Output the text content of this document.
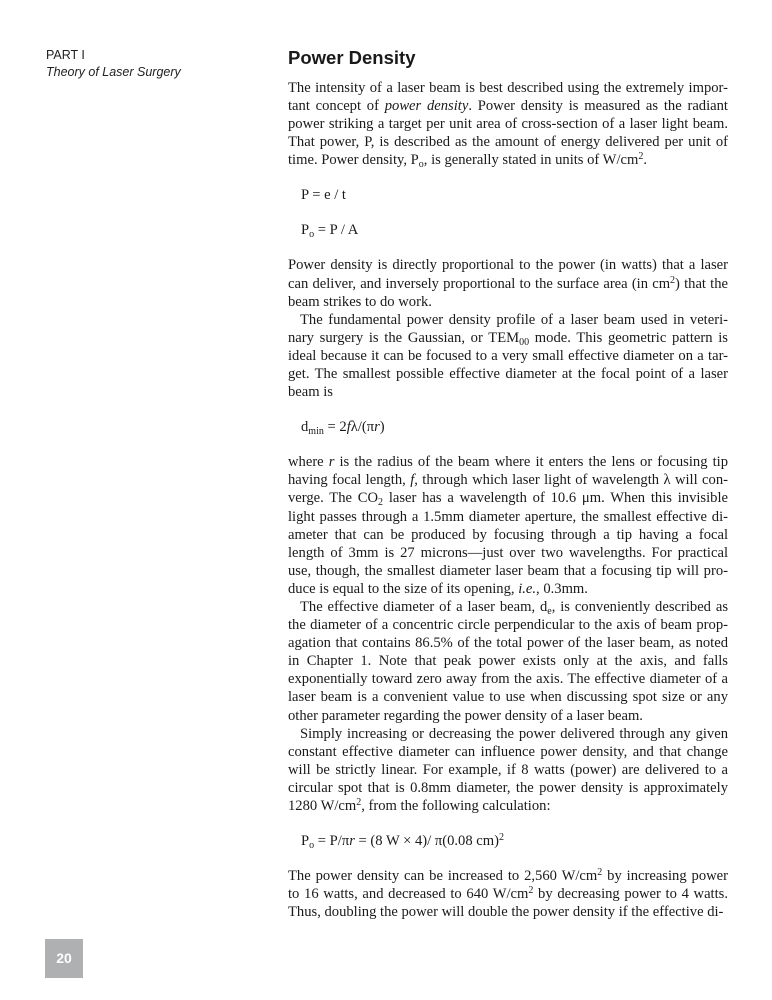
PART I
Theory of Laser Surgery
Power Density

The intensity of a laser beam is best described using the extremely impor-tant concept of power density. Power density is measured as the radiant power striking a target per unit area of cross-section of a laser light beam. That power, P, is described as the amount of energy delivered per unit of time. Power density, $P_o$, is generally stated in units of $W/cm^2$.

P = e / t
$P_o = P / A$

Power density is directly proportional to the power (in watts) that a laser can deliver, and inversely proportional to the surface area (in $cm^2$) that the beam strikes to do work.

The fundamental power density profile of a laser beam used in veteri-nary surgery is the Gaussian, or $TEM_{00}$ mode. This geometric pattern is ideal because it can be focused to a very small effective diameter on a tar-get. The smallest possible effective diameter at the focal point of a laser beam is

$d_{min} = 2f\lambda/(\pi r)$

where r is the radius of the beam where it enters the lens or focusing tip having focal length, f, through which laser light of wavelength λ will con-verge. The $CO_2$ laser has a wavelength of 10.6 μm. When this invisible light passes through a 1.5mm diameter aperture, the smallest effective di-ameter that can be produced by focusing through a tip having a focal length of 3mm is 27 microns—just over two wavelengths. For practical use, though, the smallest diameter laser beam that a focusing tip will pro-duce is equal to the size of its opening, i.e., 0.3mm.

The effective diameter of a laser beam, $d_e$, is conveniently described as the diameter of a concentric circle perpendicular to the axis of beam prop-agation that contains 86.5% of the total power of the laser beam, as noted in Chapter 1. Note that peak power exists only at the axis, and falls exponentially toward zero away from the axis. The effective diameter of a laser beam is a convenient value to use when discussing spot size or any other parameter regarding the power density of a laser beam.

Simply increasing or decreasing the power delivered through any given constant effective diameter can influence power density, and that change will be strictly linear. For example, if 8 watts (power) are delivered to a circular spot that is 0.8mm diameter, the power density is approximately 1280 $W/cm^2$, from the following calculation:

$P_o = P/\pi r = (8$ W × 4)/ π(0.08 cm)$^2$

The power density can be increased to 2,560 $W/cm^2$ by increasing power to 16 watts, and decreased to 640 $W/cm^2$ by decreasing power to 4 watts. Thus, doubling the power will double the power density if the effective di-

20
